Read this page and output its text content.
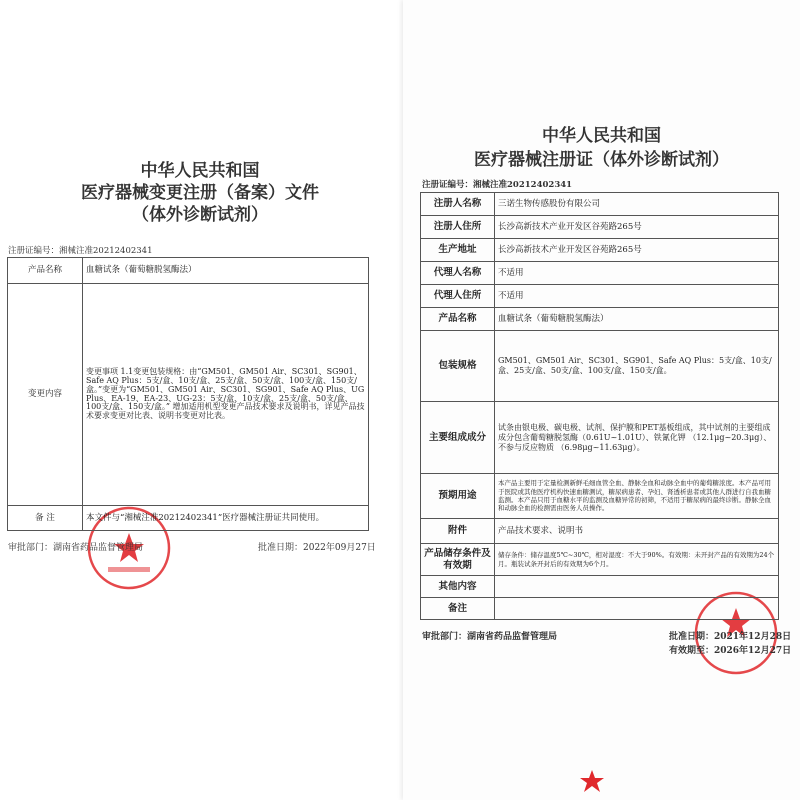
中华人民共和国
医疗器械变更注册（备案）文件
（体外诊断试剂）
注册证编号：湘械注准20212402341
产品名称	血糖试条（葡萄糖脱氢酶法）
变更内容	变更事项 1.1变更包装规格：由“GM501、GM501 Air、SC301、SG901、Safe AQ Plus：5支/盒、10支/盒、25支/盒、50支/盒、100支/盒、150支/盒。”变更为“GM501、GM501 Air、SC301、SG901、Safe AQ Plus、UG Plus、EA-19、EA-23、UG-23：5支/盒、10支/盒、25支/盒、50支/盒、100支/盒、150支/盒。” 增加适用机型变更产品技术要求及说明书，详见产品技术要求变更对比表、说明书变更对比表。
备 注	本文件与“湘械注准20212402341”医疗器械注册证共同使用。
审批部门：湖南省药品监督管理局	批准日期：2022年09月27日
中华人民共和国
医疗器械注册证（体外诊断试剂）
注册证编号：湘械注准20212402341
注册人名称	三诺生物传感股份有限公司
注册人住所	长沙高新技术产业开发区谷苑路265号
生产地址	长沙高新技术产业开发区谷苑路265号
代理人名称	不适用
代理人住所	不适用
产品名称	血糖试条（葡萄糖脱氢酶法）
包装规格	GM501、GM501 Air、SC301、SG901、Safe AQ Plus：5支/盒、10支/盒、25支/盒、50支/盒、100支/盒、150支/盒。
主要组成成分	试条由银电极、碳电极、试剂、保护膜和PET基板组成，其中试剂的主要组成成分包含葡萄糖脱氢酶（0.61U~1.01U）、铁氰化钾 （12.1μg~20.3μg）、不参与反应物质 （6.98μg~11.63μg）。
预期用途	本产品主要用于定量检测新鲜毛细血管全血、静脉全血和动脉全血中的葡萄糖浓度。本产品可用于医院或其他医疗机构快速血糖测试，糖尿病患者、孕妇、肾透析患者或其他人群进行自我血糖监测。本产品只用于血糖水平的监测及血糖异常的初筛，不适用于糖尿病的最终诊断。静脉全血和动脉全血的检测需由医务人员操作。
附件	产品技术要求、说明书
产品储存条件及有效期	储存条件：储存温度5℃~30℃，相对湿度：不大于90%。有效期：未开封产品的有效期为24个月。瓶装试条开封后的有效期为6个月。
其他内容	
备注	
审批部门：湖南省药品监督管理局	批准日期：2021年12月28日
有效期至：2026年12月27日
